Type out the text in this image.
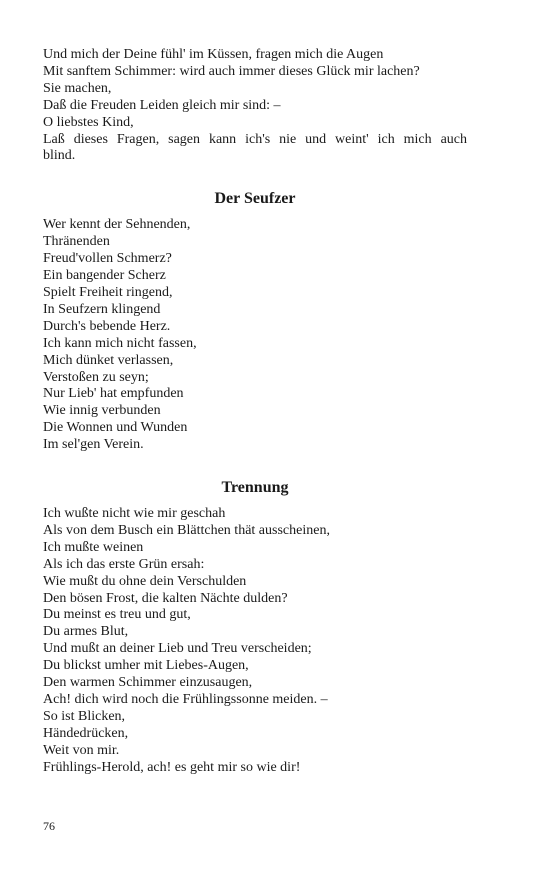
Und mich der Deine fühl' im Küssen, fragen mich die Augen
Mit sanftem Schimmer: wird auch immer dieses Glück mir lachen?
Sie machen,
Daß die Freuden Leiden gleich mir sind: –
O liebstes Kind,
Laß dieses Fragen, sagen kann ich's nie und weint' ich mich auch
blind.
Der Seufzer
Wer kennt der Sehnenden,
Thränenden
Freud'vollen Schmerz?
Ein bangender Scherz
Spielt Freiheit ringend,
In Seufzern klingend
Durch's bebende Herz.
Ich kann mich nicht fassen,
Mich dünket verlassen,
Verstoßen zu seyn;
Nur Lieb' hat empfunden
Wie innig verbunden
Die Wonnen und Wunden
Im sel'gen Verein.
Trennung
Ich wußte nicht wie mir geschah
Als von dem Busch ein Blättchen thät ausscheinen,
Ich mußte weinen
Als ich das erste Grün ersah:
Wie mußt du ohne dein Verschulden
Den bösen Frost, die kalten Nächte dulden?
Du meinst es treu und gut,
Du armes Blut,
Und mußt an deiner Lieb und Treu verscheiden;
Du blickst umher mit Liebes-Augen,
Den warmen Schimmer einzusaugen,
Ach! dich wird noch die Frühlingssonne meiden. –
So ist Blicken,
Händedrücken,
Weit von mir.
Frühlings-Herold, ach! es geht mir so wie dir!
76
